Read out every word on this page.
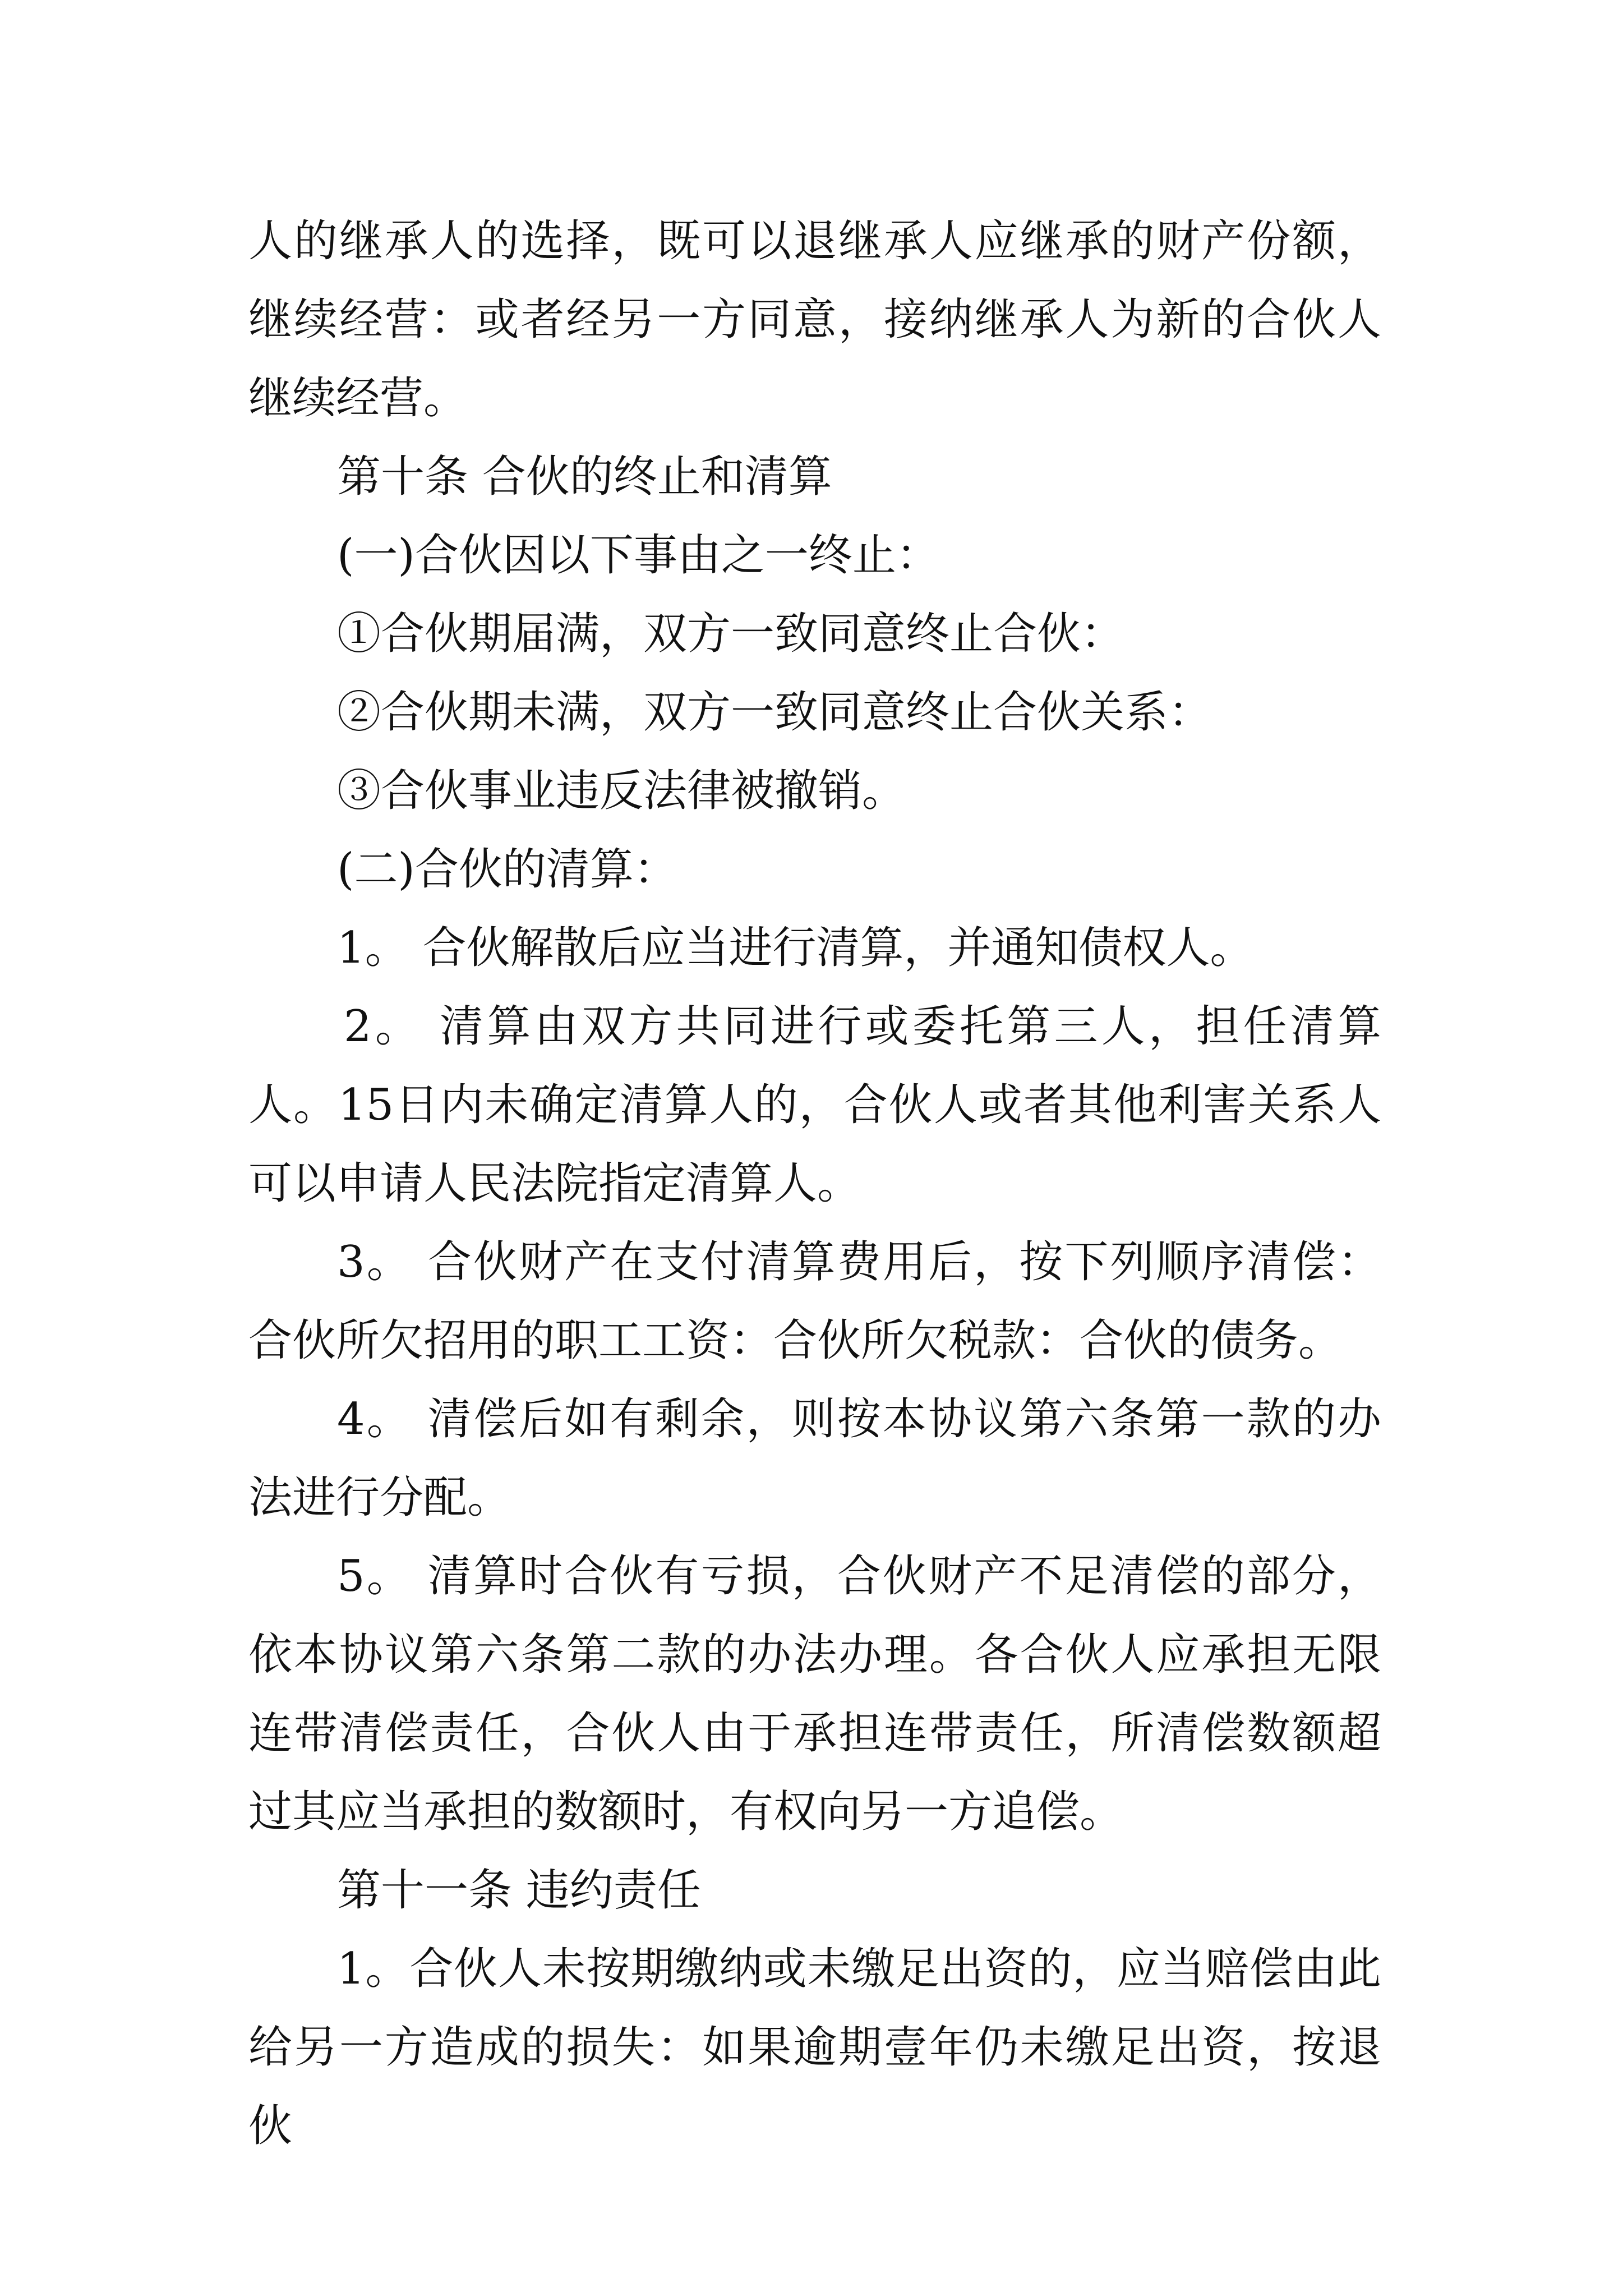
人的继承人的选择，既可以退继承人应继承的财产份额，继续经营：或者经另一方同意，接纳继承人为新的合伙人继续经营。

第十条 合伙的终止和清算

(一)合伙因以下事由之一终止：

①合伙期届满，双方一致同意终止合伙：

②合伙期未满，双方一致同意终止合伙关系：

③合伙事业违反法律被撤销。

(二)合伙的清算：

1。 合伙解散后应当进行清算，并通知债权人。

2。 清算由双方共同进行或委托第三人，担任清算人。15日内未确定清算人的，合伙人或者其他利害关系人可以申请人民法院指定清算人。

3。 合伙财产在支付清算费用后，按下列顺序清偿：合伙所欠招用的职工工资：合伙所欠税款：合伙的债务。

4。 清偿后如有剩余，则按本协议第六条第一款的办法进行分配。

5。 清算时合伙有亏损，合伙财产不足清偿的部分，依本协议第六条第二款的办法办理。各合伙人应承担无限连带清偿责任，合伙人由于承担连带责任，所清偿数额超过其应当承担的数额时，有权向另一方追偿。

第十一条 违约责任

1。合伙人未按期缴纳或未缴足出资的，应当赔偿由此给另一方造成的损失：如果逾期壹年仍未缴足出资，按退伙
